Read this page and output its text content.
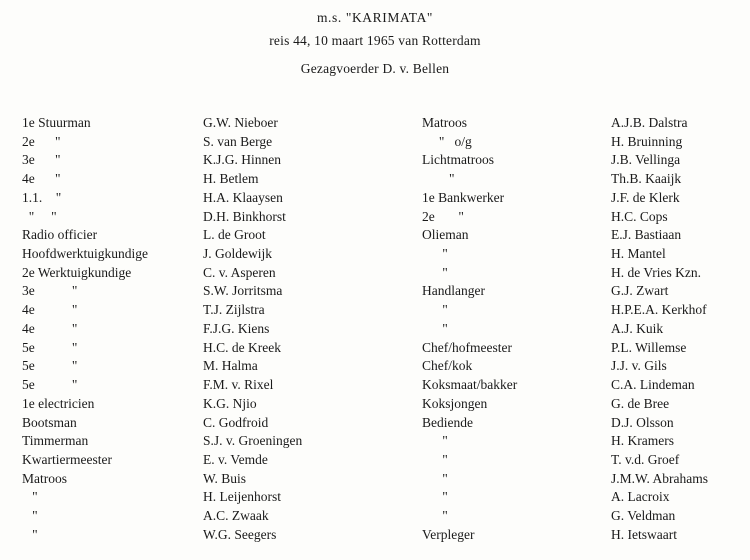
m.s. "KARIMATA"
reis 44, 10 maart 1965 van Rotterdam
Gezagvoerder D. v. Bellen
1e Stuurman
2e      "
3e      "
4e      "
1.1.    "
"     "
Radio officier
Hoofdwerktuigkundige
2e Werktuigkundige
3e           "
4e           "
4e           "
5e           "
5e           "
5e           "
1e electricien
Bootsman
Timmerman
Kwartiermeester
Matroos
"
"
"
G.W. Nieboer
S. van Berge
K.J.G. Hinnen
H. Betlem
H.A. Klaaysen
D.H. Binkhorst
L. de Groot
J. Goldewijk
C. v. Asperen
S.W. Jorritsma
T.J. Zijlstra
F.J.G. Kiens
H.C. de Kreek
M. Halma
F.M. v. Rixel
K.G. Njio
C. Godfroid
S.J. v. Groeningen
E. v. Vemde
W. Buis
H. Leijenhorst
A.C. Zwaak
W.G. Seegers
Matroos
"   o/g
Lichtmatroos
"
1e Bankwerker
2e       "
Olieman
"
"
Handlanger
"
"
Chef/hofmeester
Chef/kok
Koksmaat/bakker
Koksjongen
Bediende
"
"
"
"
"
Verpleger
A.J.B. Dalstra
H. Bruinning
J.B. Vellinga
Th.B. Kaaijk
J.F. de Klerk
H.C. Cops
E.J. Bastiaan
H. Mantel
H. de Vries Kzn.
G.J. Zwart
H.P.E.A. Kerkhof
A.J. Kuik
P.L. Willemse
J.J. v. Gils
C.A. Lindeman
G. de Bree
D.J. Olsson
H. Kramers
T. v.d. Groef
J.M.W. Abrahams
A. Lacroix
G. Veldman
H. Ietswaart
